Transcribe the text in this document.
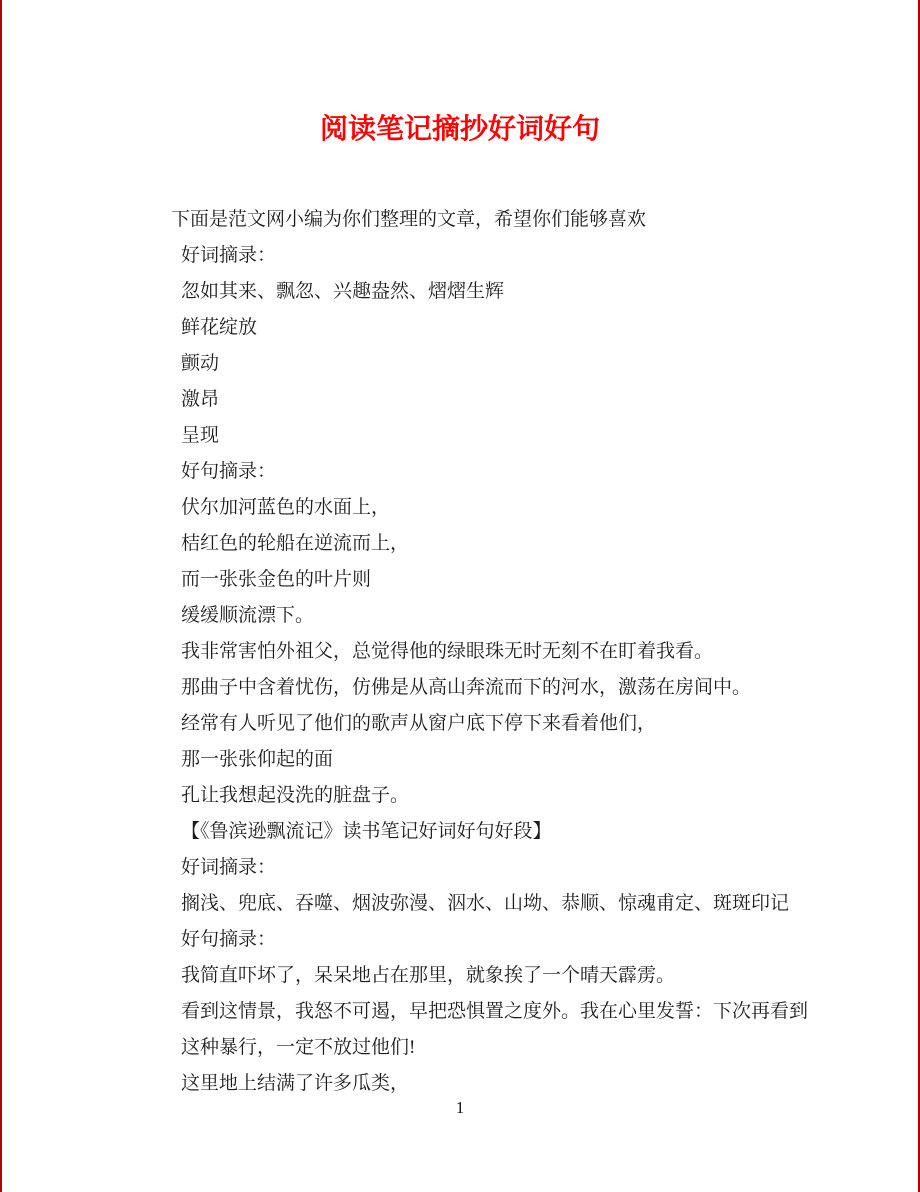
阅读笔记摘抄好词好句
下面是范文网小编为你们整理的文章，希望你们能够喜欢
好词摘录：
忽如其来、飘忽、兴趣盎然、熠熠生辉
鲜花绽放
颤动
激昂
呈现
好句摘录：
伏尔加河蓝色的水面上，
桔红色的轮船在逆流而上，
而一张张金色的叶片则
缓缓顺流漂下。
我非常害怕外祖父，总觉得他的绿眼珠无时无刻不在盯着我看。
那曲子中含着忧伤，仿佛是从高山奔流而下的河水，激荡在房间中。
经常有人听见了他们的歌声从窗户底下停下来看着他们，
那一张张仰起的面
孔让我想起没洗的脏盘子。
【《鲁滨逊飘流记》读书笔记好词好句好段】
好词摘录：
搁浅、兜底、吞噬、烟波弥漫、泅水、山坳、恭顺、惊魂甫定、斑斑印记
好句摘录：
我简直吓坏了，呆呆地占在那里，就象挨了一个晴天霹雳。
看到这情景，我怒不可遏，早把恐惧置之度外。我在心里发誓：下次再看到
这种暴行，一定不放过他们!
这里地上结满了许多瓜类，
1
